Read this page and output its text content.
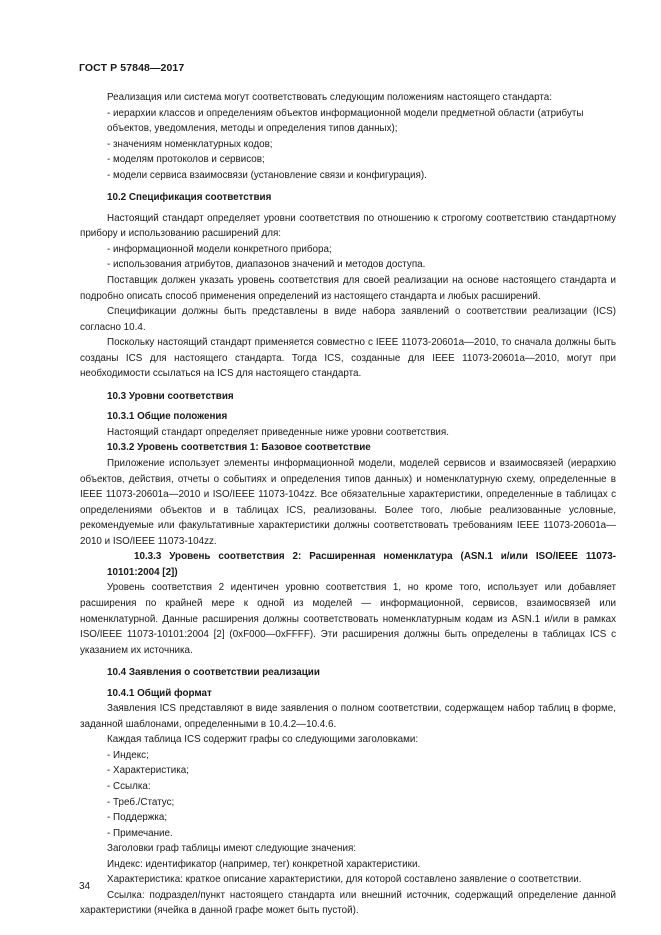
ГОСТ Р 57848—2017
Реализация или система могут соответствовать следующим положениям настоящего стандарта:
- иерархии классов и определениям объектов информационной модели предметной области (атрибуты объектов, уведомления, методы и определения типов данных);
- значениям номенклатурных кодов;
- моделям протоколов и сервисов;
- модели сервиса взаимосвязи (установление связи и конфигурация).
10.2 Спецификация соответствия
Настоящий стандарт определяет уровни соответствия по отношению к строгому соответствию стандартному прибору и использованию расширений для:
- информационной модели конкретного прибора;
- использования атрибутов, диапазонов значений и методов доступа.
Поставщик должен указать уровень соответствия для своей реализации на основе настоящего стандарта и подробно описать способ применения определений из настоящего стандарта и любых расширений.
Спецификации должны быть представлены в виде набора заявлений о соответствии реализации (ICS) согласно 10.4.
Поскольку настоящий стандарт применяется совместно с IEEE 11073-20601a—2010, то сначала должны быть созданы ICS для настоящего стандарта. Тогда ICS, созданные для IEEE 11073-20601a—2010, могут при необходимости ссылаться на ICS для настоящего стандарта.
10.3 Уровни соответствия
10.3.1 Общие положения
Настоящий стандарт определяет приведенные ниже уровни соответствия.
10.3.2 Уровень соответствия 1: Базовое соответствие
Приложение использует элементы информационной модели, моделей сервисов и взаимосвязей (иерархию объектов, действия, отчеты о событиях и определения типов данных) и номенклатурную схему, определенные в IEEE 11073-20601a—2010 и ISO/IEEE 11073-104zz. Все обязательные характеристики, определенные в таблицах с определениями объектов и в таблицах ICS, реализованы. Более того, любые реализованные условные, рекомендуемые или факультативные характеристики должны соответствовать требованиям IEEE 11073-20601a—2010 и ISO/IEEE 11073-104zz.
10.3.3 Уровень соответствия 2: Расширенная номенклатура (ASN.1 и/или ISO/IEEE 11073-10101:2004 [2])
Уровень соответствия 2 идентичен уровню соответствия 1, но кроме того, использует или добавляет расширения по крайней мере к одной из моделей — информационной, сервисов, взаимосвязей или номенклатурной. Данные расширения должны соответствовать номенклатурным кодам из ASN.1 и/или в рамках ISO/IEEE 11073-10101:2004 [2] (0xF000—0xFFFF). Эти расширения должны быть определены в таблицах ICS с указанием их источника.
10.4 Заявления о соответствии реализации
10.4.1 Общий формат
Заявления ICS представляют в виде заявления о полном соответствии, содержащем набор таблиц в форме, заданной шаблонами, определенными в 10.4.2—10.4.6.
Каждая таблица ICS содержит графы со следующими заголовками:
- Индекс;
- Характеристика;
- Ссылка:
- Треб./Статус;
- Поддержка;
- Примечание.
Заголовки граф таблицы имеют следующие значения:
Индекс: идентификатор (например, тег) конкретной характеристики.
Характеристика: краткое описание характеристики, для которой составлено заявление о соответствии.
Ссылка: подраздел/пункт настоящего стандарта или внешний источник, содержащий определение данной характеристики (ячейка в данной графе может быть пустой).
34
